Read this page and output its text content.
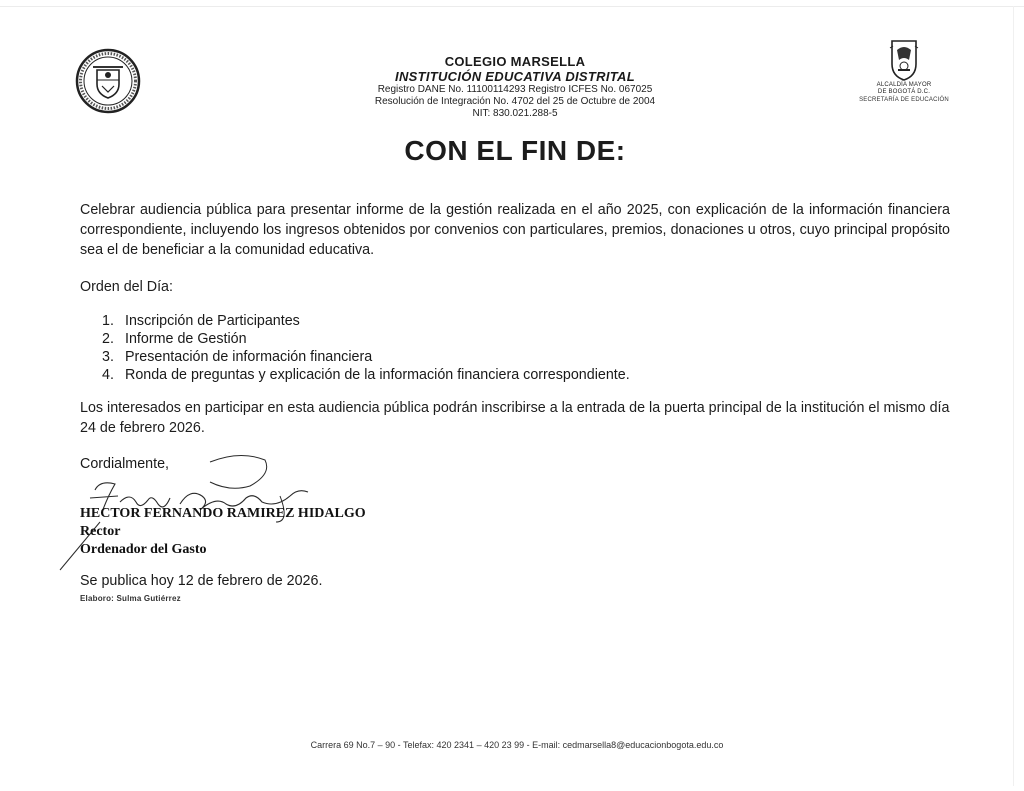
COLEGIO MARSELLA
INSTITUCIÓN EDUCATIVA DISTRITAL
Registro DANE No. 11100114293 Registro ICFES No. 067025
Resolución de Integración No. 4702 del 25 de Octubre de 2004
NIT: 830.021.288-5
ALCALDÍA MAYOR
DE BOGOTÁ D.C.
SECRETARÍA DE EDUCACIÓN
CON EL FIN DE:
Celebrar audiencia pública para presentar informe de la gestión realizada en el año 2025, con explicación de la información financiera correspondiente, incluyendo los ingresos obtenidos por convenios con particulares, premios, donaciones u otros, cuyo principal propósito sea el de beneficiar a la comunidad educativa.
Orden del Día:
1. Inscripción de Participantes
2. Informe de Gestión
3. Presentación de información financiera
4. Ronda de preguntas y explicación de la información financiera correspondiente.
Los interesados en participar en esta audiencia pública podrán inscribirse a la entrada de la puerta principal de la institución el mismo día 24 de febrero 2026.
Cordialmente,
HECTOR FERNANDO RAMIREZ HIDALGO
Rector
Ordenador del Gasto
Se publica hoy 12 de febrero de 2026.
Elaboro: Sulma Gutiérrez
Carrera 69 No.7 – 90 - Telefax: 420 2341 – 420 23 99 - E-mail: cedmarsella8@educacionbogota.edu.co
